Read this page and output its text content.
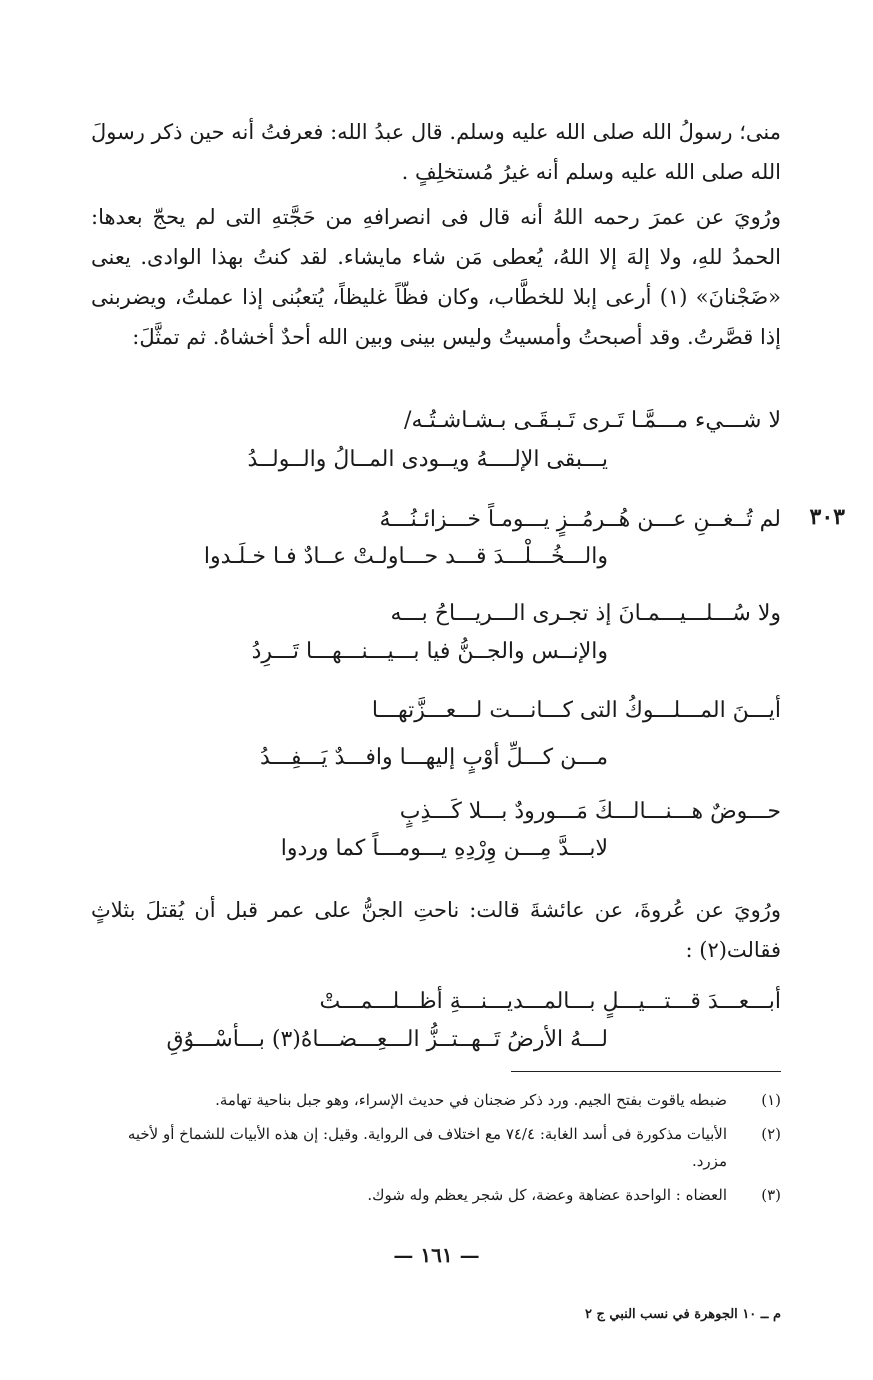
منى؛ رسولُ الله صلى الله عليه وسلم. قال عبدُ الله: فعرفتُ أنه حين ذكر رسولَ الله صلى الله عليه وسلم أنه غيرُ مُستخلِفٍ .

ورُويَ عن عمرَ رحمه اللهُ أنه قال فى انصرافهِ من حَجَّتهِ التى لم يحجّ بعدها: الحمدُ للهِ، ولا إلهَ إلا اللهُ، يُعطى مَن شاء مايشاء. لقد كنتُ بهذا الوادى. يعنى «ضَجْنانَ» (١) أرعى إبلا للخطَّاب، وكان فظّاً غليظاً، يُتعبُنى إذا عملتُ، ويضربنى إذا قصَّرتُ. وقد أصبحتُ وأمسيتُ وليس بينى وبين الله أحدٌ أخشاهُ. ثم تمثَّلَ:

لا شـــيء مـــمَّـا تَـرى تَـبـقَـى بـشـاشـتُـه/
يـــبقى الإلــــهُ ويــودى المــالُ والــولــدُ
٣٠٣
لم تُــغــنِ عـــن هُــرمُــزٍ يـــومـاً خـــزائـنُـــهُ
والـــخُـــلْـــدَ قـــد حـــاولـتْ عــادٌ فـا خـلَـدوا
ولا سُـــلـــيـــمـانَ إذ تجـرى الـــريـــاحُ بـــه
والإنــس والجــنُّ فيا بـــيـــنـــهـــا تَـــرِدُ
أيـــنَ المـــلـــوكُ التى كـــانـــت لـــعـــزَّتهـــا
مـــن كـــلِّ أوْبٍ إليهـــا وافـــدٌ يَـــفِـــدُ
حـــوضٌ هـــنـــالـــكَ مَـــورودٌ بـــلا كَـــذِبٍ
لابـــدَّ مِـــن وِرْدِهِ يـــومـــاً كما وردوا

ورُويَ عن عُروةَ، عن عائشةَ قالت: ناحتِ الجنُّ على عمر قبل أن يُقتلَ بثلاثٍ فقالت(٢) :

أبـــعـــدَ قـــتـــيـــلٍ بـــالمـــديـــنـــةِ أظـــلـــمـــتْ
لـــهُ الأرضُ تَــهــتــزُّ الـــعِـــضـــاهُ(٣) بـــأسْـــوُقِ
(١)
ضبطه ياقوت بفتح الجيم. ورد ذكر ضجنان في حديث الإسراء، وهو جبل بناحية تهامة.
(٢)
الأبيات مذكورة فى أسد الغابة: ٧٤/٤ مع اختلاف فى الرواية. وقيل: إن هذه الأبيات للشماخ أو لأخيه مزرد.
(٣)
العضاه : الواحدة عضاهة وعضة، كل شجر يعظم وله شوك.
— ١٦١ —
م ــ ١٠ الجوهرة في نسب النبي ج ٢
